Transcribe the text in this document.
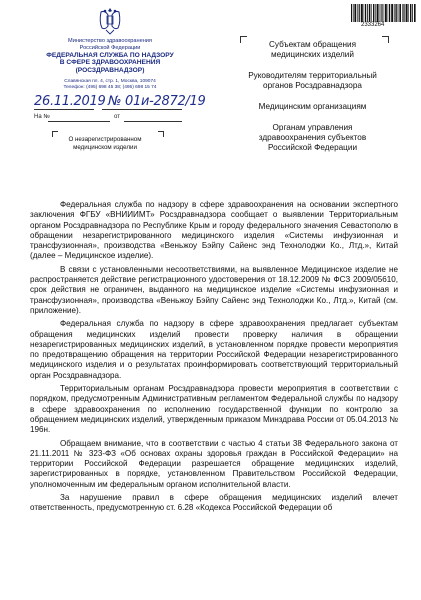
Министерство здравоохранения
Российской Федерации
ФЕДЕРАЛЬНАЯ СЛУЖБА ПО НАДЗОРУ
В СФЕРЕ ЗДРАВООХРАНЕНИЯ
(РОСЗДРАВНАДЗОР)
Славянская пл. 4, стр. 1, Москва, 109074
Телефон: (495) 698 45 38; (495) 698 15 74
26.11.2019 № 01и-2872/19
На №	от
О незарегистрированном
медицинском изделии
2333264

Субъектам обращения
медицинских изделий

Руководителям территориальный
органов Росздравнадзора

Медицинским организациям

Органам управления
здравоохранения субъектов
Российской Федерации

Федеральная служба по надзору в сфере здравоохранения на основании экспертного заключения ФГБУ «ВНИИИМТ» Росздравнадзора сообщает о выявлении Территориальным органом Росздравнадзора по Республике Крым и городу федерального значения Севастополю в обращении незарегистрированного медицинского изделия «Системы инфузионная и трансфузионная», производства «Веньжоу Бэйпу Сайенс энд Технолоджи Ко., Лтд.», Китай (далее – Медицинское изделие).

В связи с установленными несоответствиями, на выявленное Медицинское изделие не распространяется действие регистрационного удостоверения от 18.12.2009 № ФСЗ 2009/05610, срок действия не ограничен, выданного на медицинское изделие «Системы инфузионная и трансфузионная», производства «Веньжоу Бэйпу Сайенс энд Технолоджи Ко., Лтд.», Китай (см. приложение).

Федеральная служба по надзору в сфере здравоохранения предлагает субъектам обращения медицинских изделий провести проверку наличия в обращении незарегистрированных медицинских изделий, в установленном порядке провести мероприятия по предотвращению обращения на территории Российской Федерации незарегистрированного медицинского изделия и о результатах проинформировать соответствующий территориальный орган Росздравнадзора.

Территориальным органам Росздравнадзора провести мероприятия в соответствии с порядком, предусмотренным Административным регламентом Федеральной службы по надзору в сфере здравоохранения по исполнению государственной функции по контролю за обращением медицинских изделий, утвержденным приказом Минздрава России от 05.04.2013 № 196н.

Обращаем внимание, что в соответствии с частью 4 статьи 38 Федерального закона от 21.11.2011 № 323-ФЗ «Об основах охраны здоровья граждан в Российской Федерации» на территории Российской Федерации разрешается обращение медицинских изделий, зарегистрированных в порядке, установленном Правительством Российской Федерации, уполномоченным им федеральным органом исполнительной власти.

За нарушение правил в сфере обращения медицинских изделий влечет ответственность, предусмотренную ст. 6.28 «Кодекса Российской Федерации об
